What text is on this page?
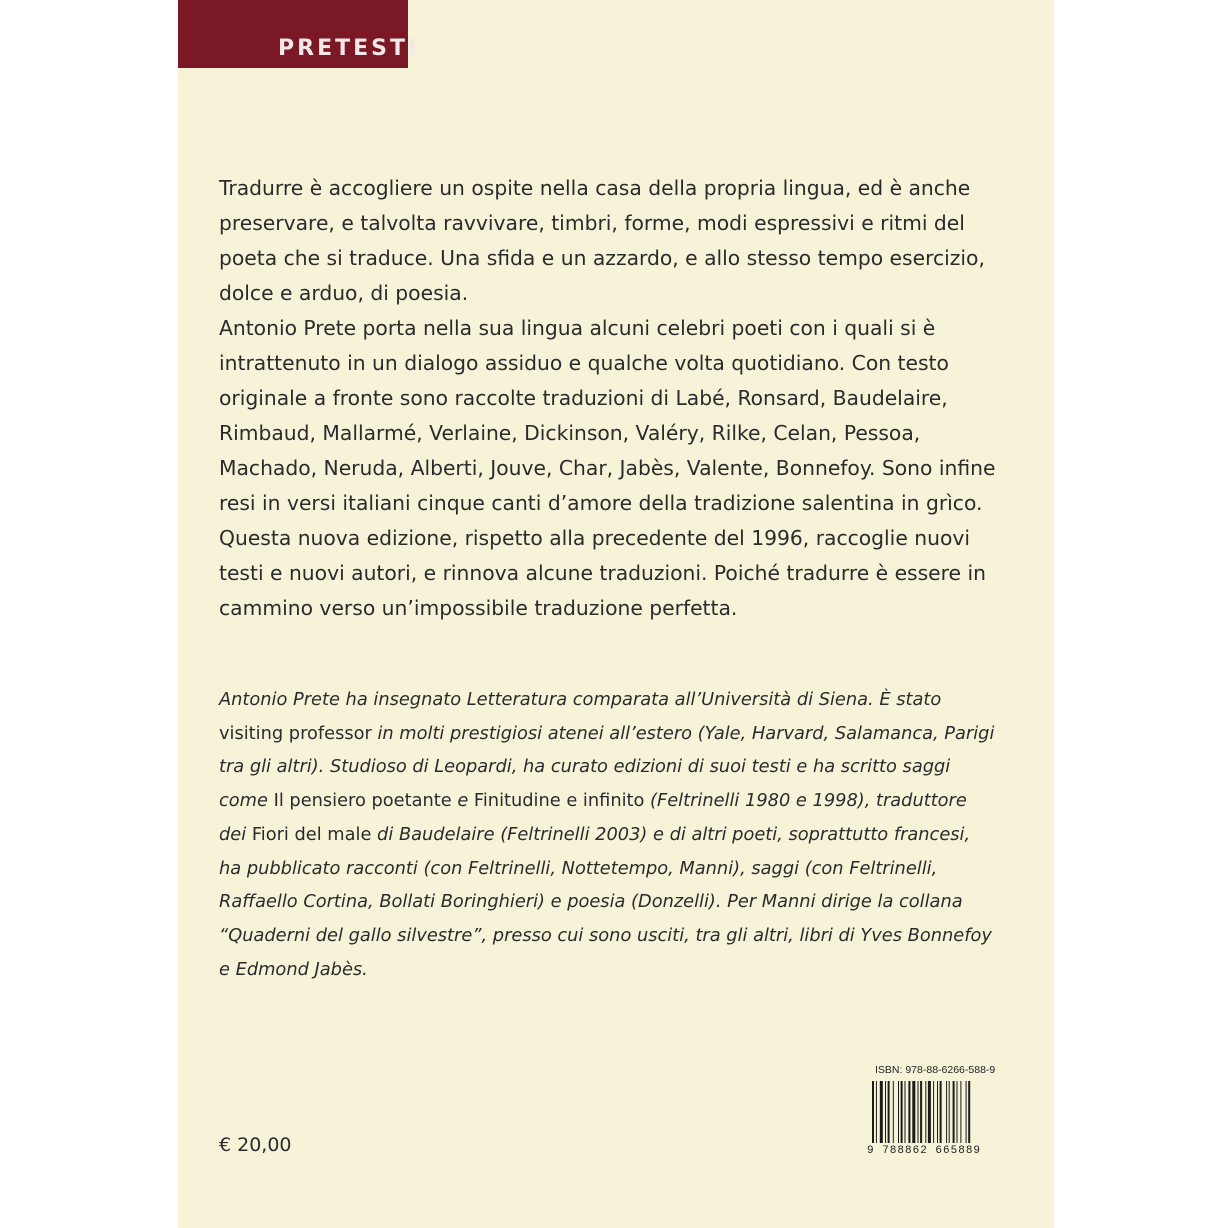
PRETESTI

Tradurre è accogliere un ospite nella casa della propria lingua, ed è anche preservare, e talvolta ravvivare, timbri, forme, modi espressivi e ritmi del poeta che si traduce. Una sfida e un azzardo, e allo stesso tempo esercizio, dolce e arduo, di poesia.

Antonio Prete porta nella sua lingua alcuni celebri poeti con i quali si è intrattenuto in un dialogo assiduo e qualche volta quotidiano. Con testo originale a fronte sono raccolte traduzioni di Labé, Ronsard, Baudelaire, Rimbaud, Mallarmé, Verlaine, Dickinson, Valéry, Rilke, Celan, Pessoa, Machado, Neruda, Alberti, Jouve, Char, Jabès, Valente, Bonnefoy. Sono infine resi in versi italiani cinque canti d’amore della tradizione salentina in grìco.

Questa nuova edizione, rispetto alla precedente del 1996, raccoglie nuovi testi e nuovi autori, e rinnova alcune traduzioni. Poiché tradurre è essere in cammino verso un’impossibile traduzione perfetta.

Antonio Prete ha insegnato Letteratura comparata all’Università di Siena. È stato
visiting professor in molti prestigiosi atenei all’estero (Yale, Harvard, Salamanca, Parigi
tra gli altri). Studioso di Leopardi, ha curato edizioni di suoi testi e ha scritto saggi
come Il pensiero poetante e Finitudine e infinito (Feltrinelli 1980 e 1998), traduttore
dei Fiori del male di Baudelaire (Feltrinelli 2003) e di altri poeti, soprattutto francesi,
ha pubblicato racconti (con Feltrinelli, Nottetempo, Manni), saggi (con Feltrinelli,
Raffaello Cortina, Bollati Boringhieri) e poesia (Donzelli). Per Manni dirige la collana
“Quaderni del gallo silvestre”, presso cui sono usciti, tra gli altri, libri di Yves Bonnefoy
e Edmond Jabès.
€ 20,00
ISBN: 978-88-6266-588-9
9 788862 665889
